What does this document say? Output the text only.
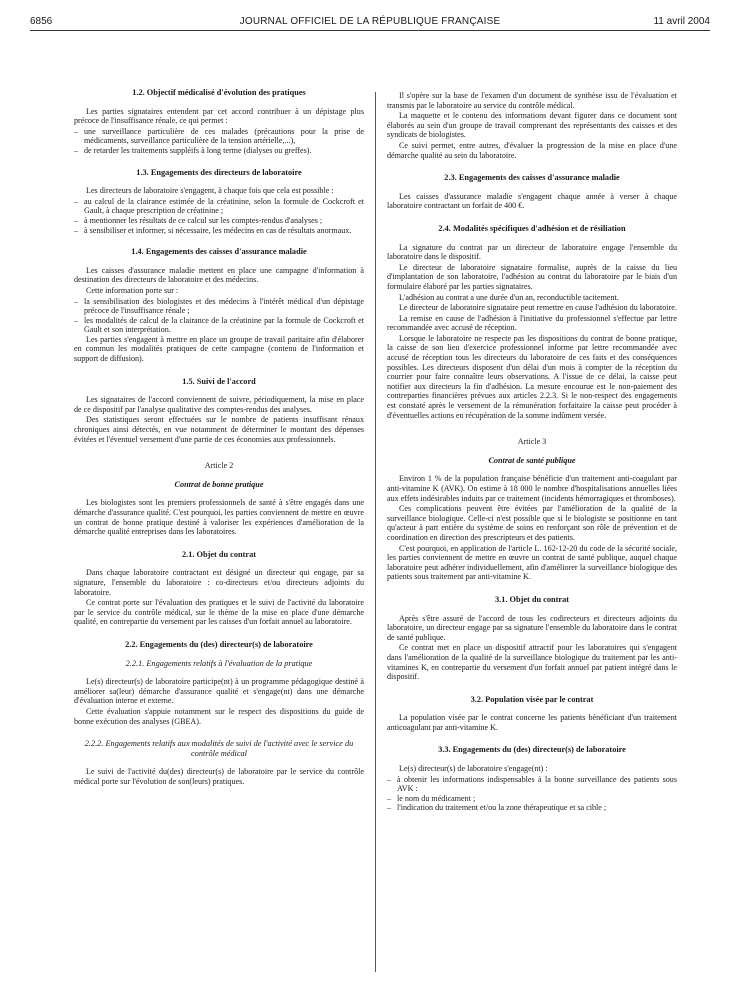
6856	JOURNAL OFFICIEL DE LA RÉPUBLIQUE FRANÇAISE	11 avril 2004
1.2. Objectif médicalisé d'évolution des pratiques

Les parties signataires entendent par cet accord contribuer à un dépistage plus précoce de l'insuffisance rénale, ce qui permet :

– une surveillance particulière de ces malades (précautions pour la prise de médicaments, surveillance particulière de la tension artérielle,...),
– de retarder les traitements suppléifs à long terme (dialyses ou greffes).
1.3. Engagements des directeurs de laboratoire

Les directeurs de laboratoire s'engagent, à chaque fois que cela est possible :

– au calcul de la clairance estimée de la créatinine, selon la formule de Cockcroft et Gault, à chaque prescription de créatinine ;
– à mentionner les résultats de ce calcul sur les comptes-rendus d'analyses ;
– à sensibiliser et informer, si nécessaire, les médecins en cas de résultats anormaux.
1.4. Engagements des caisses d'assurance maladie

Les caisses d'assurance maladie mettent en place une campagne d'information à destination des directeurs de laboratoire et des médecins.

Cette information porte sur :

– la sensibilisation des biologistes et des médecins à l'intérêt médical d'un dépistage précoce de l'insuffisance rénale ;
– les modalités de calcul de la clairance de la créatinine par la formule de Cockcroft et Gault et son interprétation.

Les parties s'engagent à mettre en place un groupe de travail paritaire afin d'élaborer en commun les modalités pratiques de cette campagne (contenu de l'information et support de diffusion).

1.5. Suivi de l'accord

Les signataires de l'accord conviennent de suivre, périodiquement, la mise en place de ce dispositif par l'analyse qualitative des comptes-rendus des analyses.

Des statistiques seront effectuées sur le nombre de patients insuffisant rénaux chroniques ainsi détectés, en vue notamment de déterminer le montant des dépenses évitées et l'éventuel versement d'une partie de ces économies aux professionnels.

Article 2
Contrat de bonne pratique

Les biologistes sont les premiers professionnels de santé à s'être engagés dans une démarche d'assurance qualité. C'est pourquoi, les parties conviennent de mettre en œuvre un contrat de bonne pratique destiné à valoriser les expériences d'amélioration de la démarche qualité entreprises dans les laboratoires.

2.1. Objet du contrat

Dans chaque laboratoire contractant est désigné un directeur qui engage, par sa signature, l'ensemble du laboratoire : co-directeurs et/ou directeurs adjoints du laboratoire.

Ce contrat porte sur l'évaluation des pratiques et le suivi de l'activité du laboratoire par le service du contrôle médical, sur le thème de la mise en place d'une démarche qualité, en contrepartie du versement par les caisses d'un forfait annuel au laboratoire.

2.2. Engagements du (des) directeur(s) de laboratoire
2.2.1. Engagements relatifs à l'évaluation de la pratique

Le(s) directeur(s) de laboratoire participe(nt) à un programme pédagogique destiné à améliorer sa(leur) démarche d'assurance qualité et s'engage(nt) dans une démarche d'évaluation interne et externe.

Cette évaluation s'appuie notamment sur le respect des dispositions du guide de bonne exécution des analyses (GBEA).

2.2.2. Engagements relatifs aux modalités de suivi de l'activité avec le service du contrôle médical

Le suivi de l'activité du(des) directeur(s) de laboratoire par le service du contrôle médical porte sur l'évolution de son(leurs) pratiques.

Il s'opère sur la base de l'examen d'un document de synthèse issu de l'évaluation et transmis par le laboratoire au service du contrôle médical.

La maquette et le contenu des informations devant figurer dans ce document sont élaborés au sein d'un groupe de travail comprenant des représentants des caisses et des syndicats de biologistes.

Ce suivi permet, entre autres, d'évaluer la progression de la mise en place d'une démarche qualité au sein du laboratoire.

2.3. Engagements des caisses d'assurance maladie

Les caisses d'assurance maladie s'engagent chaque année à verser à chaque laboratoire contractant un forfait de 400 €.

2.4. Modalités spécifiques d'adhésion et de résiliation

La signature du contrat par un directeur de laboratoire engage l'ensemble du laboratoire dans le dispositif.

Le directeur de laboratoire signataire formalise, auprès de la caisse du lieu d'implantation de son laboratoire, l'adhésion au contrat du laboratoire par le biais d'un formulaire élaboré par les parties signataires.

L'adhésion au contrat a une durée d'un an, reconductible tacitement.

Le directeur de laboratoire signataire peut remettre en cause l'adhésion du laboratoire.

La remise en cause de l'adhésion à l'initiative du professionnel s'effectue par lettre recommandée avec accusé de réception.

Lorsque le laboratoire ne respecte pas les dispositions du contrat de bonne pratique, la caisse de son lieu d'exercice professionnel informe par lettre recommandée avec accusé de réception tous les directeurs du laboratoire de ces faits et des conséquences possibles. Les directeurs disposent d'un délai d'un mois à compter de la réception du courrier pour faire connaître leurs observations. A l'issue de ce délai, la caisse peut notifier aux directeurs la fin d'adhésion. La mesure encourue est le non-paiement des contreparties financières prévues aux articles 2.2.3. Si le non-respect des engagements est constaté après le versement de la rémunération forfaitaire la caisse peut procéder à d'éventuelles actions en récupération de la somme indûment versée.

Article 3
Contrat de santé publique

Environ 1 % de la population française bénéficie d'un traitement anti-coagulant par anti-vitamine K (AVK). On estime à 18 000 le nombre d'hospitalisations annuelles liées aux effets indésirables induits par ce traitement (incidents hémorragiques et thromboses).

Ces complications peuvent être évitées par l'amélioration de la qualité de la surveillance biologique. Celle-ci n'est possible que si le biologiste se positionne en tant qu'acteur à part entière du système de soins en renforçant son rôle de prévention et de coordination en direction des prescripteurs et des patients.

C'est pourquoi, en application de l'article L. 162-12-20 du code de la sécurité sociale, les parties conviennent de mettre en œuvre un contrat de santé publique, auquel chaque laboratoire peut adhérer individuellement, afin d'améliorer la surveillance biologique des patients sous traitement par anti-vitamine K.

3.1. Objet du contrat

Après s'être assuré de l'accord de tous les codirecteurs et directeurs adjoints du laboratoire, un directeur engage par sa signature l'ensemble du laboratoire dans le contrat de santé publique.

Ce contrat met en place un dispositif attractif pour les laboratoires qui s'engagent dans l'amélioration de la qualité de la surveillance biologique du traitement par les anti-vitamines K, en contrepartie du versement d'un forfait annuel par patient intégré dans le dispositif.

3.2. Population visée par le contrat

La population visée par le contrat concerne les patients bénéficiant d'un traitement anticoagulant par anti-vitamine K.

3.3. Engagements du (des) directeur(s) de laboratoire

Le(s) directeur(s) de laboratoire s'engage(nt) :

– à obtenir les informations indispensables à la bonne surveillance des patients sous AVK :
– le nom du médicament ;
– l'indication du traitement et/ou la zone thérapeutique et sa cible ;
